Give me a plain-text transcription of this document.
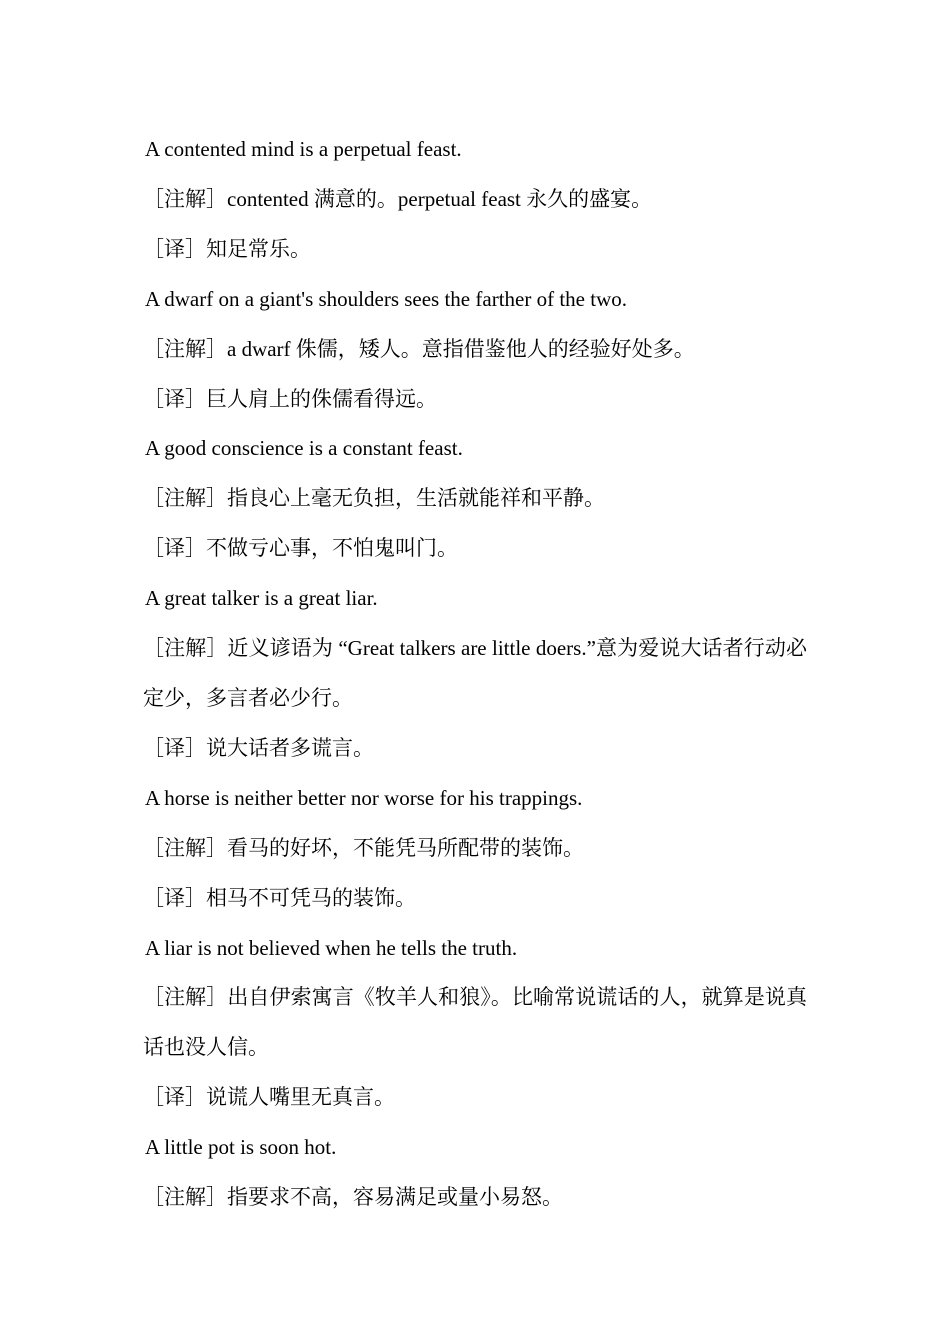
A contented mind is a perpetual feast.

［注解］contented 满意的。perpetual feast 永久的盛宴。

［译］知足常乐。

A dwarf on a giant's shoulders sees the farther of the two.

［注解］a dwarf 侏儒，矮人。意指借鉴他人的经验好处多。

［译］巨人肩上的侏儒看得远。

A good conscience is a constant feast.

［注解］指良心上毫无负担，生活就能祥和平静。

［译］不做亏心事，不怕鬼叫门。

A great talker is a great liar.

［注解］近义谚语为 “Great talkers are little doers.”意为爱说大话者行动必定少，多言者必少行。

［译］说大话者多谎言。

A horse is neither better nor worse for his trappings.

［注解］看马的好坏，不能凭马所配带的装饰。

［译］相马不可凭马的装饰。

A liar is not believed when he tells the truth.

［注解］出自伊索寓言《牧羊人和狼》。比喻常说谎话的人，就算是说真话也没人信。

［译］说谎人嘴里无真言。

A little pot is soon hot.

［注解］指要求不高，容易满足或量小易怒。
